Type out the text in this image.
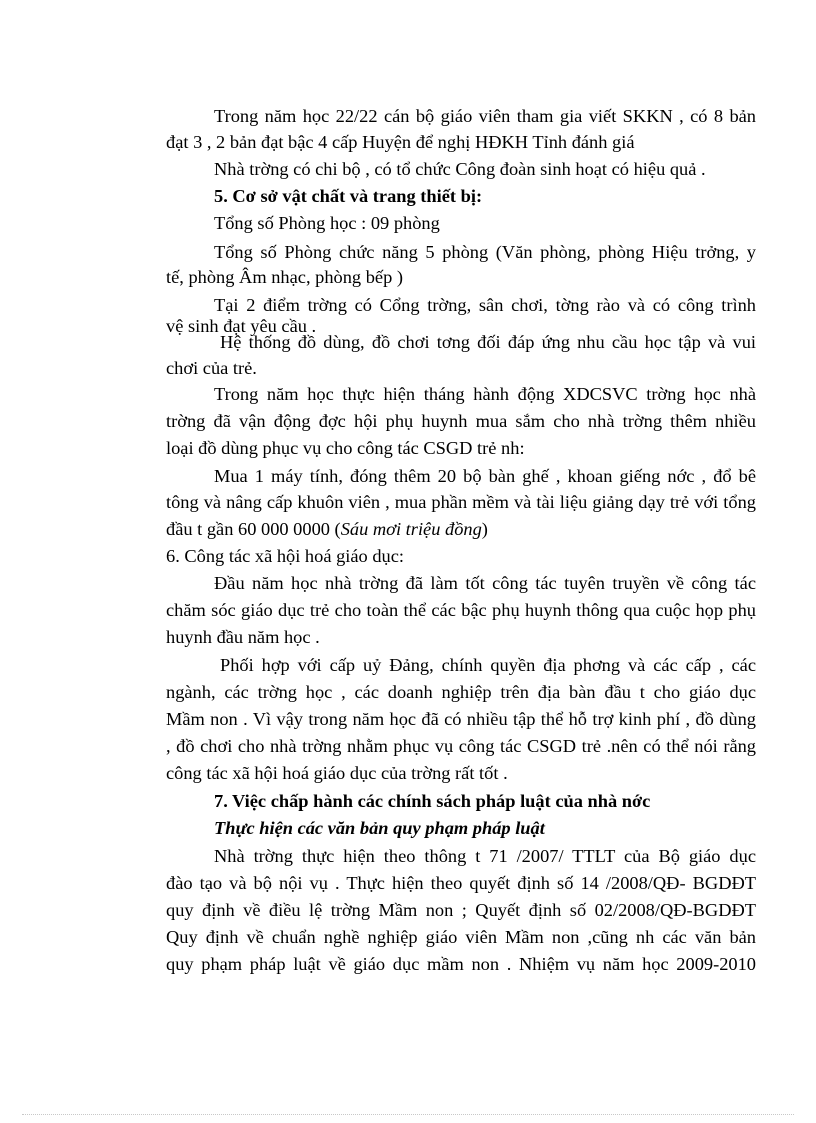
Trong năm học 22/22 cán bộ giáo viên tham gia viết SKKN , có 8 bản
đạt 3 , 2 bản đạt bậc 4 cấp Huyện để nghị HĐKH Tỉnh đánh giá
Nhà trờng có chi bộ , có tổ chức Công đoàn sinh hoạt có hiệu quả .
5. Cơ sở vật chất và trang thiết bị:
Tổng số Phòng học : 09 phòng
Tổng số Phòng chức năng 5 phòng (Văn phòng, phòng Hiệu trởng, y
tế, phòng Âm nhạc, phòng bếp )
Tại 2 điểm trờng có Cổng trờng, sân chơi, tờng rào và có công trình
vệ sinh đạt yêu cầu .
Hệ thống đồ dùng, đồ chơi tơng đối đáp ứng nhu cầu học tập và vui
chơi của trẻ.
Trong năm học thực hiện tháng hành động XDCSVC trờng học nhà
trờng đã vận động đợc hội phụ huynh mua sắm cho nhà trờng thêm nhiều
loại đồ dùng phục vụ cho công tác CSGD trẻ nh:
Mua 1 máy tính, đóng thêm 20 bộ bàn ghế , khoan giếng nớc , đổ bê
tông và nâng cấp khuôn viên , mua phần mềm và tài liệu giảng dạy trẻ với tổng
đầu t gần 60 000 0000 (Sáu mơi triệu đồng)
6. Công tác xã hội hoá giáo dục:
Đầu năm học nhà trờng đã làm tốt công tác tuyên truyền về công tác
chăm sóc giáo dục trẻ cho toàn thể các bậc phụ huynh thông qua cuộc họp phụ
huynh đầu năm học .
Phối hợp với cấp uỷ Đảng, chính quyền địa phơng và các cấp , các
ngành, các trờng học , các doanh nghiệp trên địa bàn đầu t cho giáo dục
Mầm non . Vì vậy trong năm học đã có nhiều tập thể hỗ trợ kinh phí , đồ dùng
, đồ chơi cho nhà trờng nhằm phục vụ công tác CSGD trẻ .nên có thể nói rằng
công tác xã hội hoá giáo dục của trờng rất tốt .
7. Việc chấp hành các chính sách pháp luật của nhà nớc
Thực hiện các văn bản quy phạm pháp luật
Nhà trờng thực hiện theo thông t 71 /2007/ TTLT của Bộ giáo dục
đào tạo và bộ nội vụ . Thực hiện theo quyết định số 14 /2008/QĐ- BGDĐT
quy định về điều lệ trờng Mầm non ; Quyết định số 02/2008/QĐ-BGDĐT
Quy định về chuẩn nghề nghiệp giáo viên Mầm non ,cũng nh các văn bản
quy phạm pháp luật về giáo dục mầm non . Nhiệm vụ năm học 2009-2010
